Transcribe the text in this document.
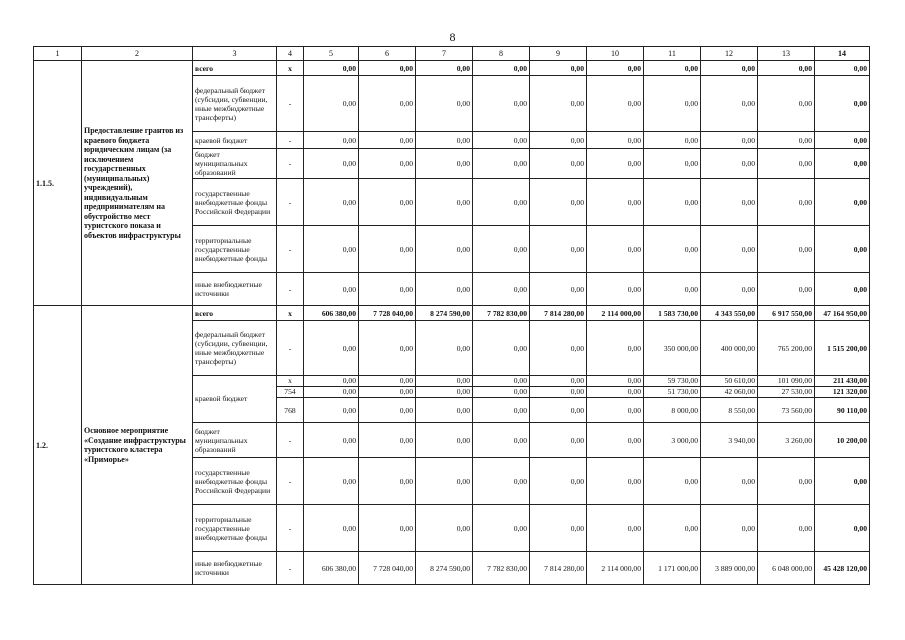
8
1	2	3	4	5	6	7	8	9	10	11	12	13	14
1.1.5.	Предоставление грантов из краевого бюджета юридическим лицам (за исключением государственных (муниципальных) учреждений), индивидуальным предпринимателям на обустройство мест туристского показа и объектов инфраструктуры	всего	x	0,00	0,00	0,00	0,00	0,00	0,00	0,00	0,00	0,00	0,00
		федеральный бюджет (субсидии, субвенции, иные межбюджетные трансферты)	-	0,00	0,00	0,00	0,00	0,00	0,00	0,00	0,00	0,00	0,00
		краевой бюджет	-	0,00	0,00	0,00	0,00	0,00	0,00	0,00	0,00	0,00	0,00
		бюджет муниципальных образований	-	0,00	0,00	0,00	0,00	0,00	0,00	0,00	0,00	0,00	0,00
		государственные внебюджетные фонды Российской Федерации	-	0,00	0,00	0,00	0,00	0,00	0,00	0,00	0,00	0,00	0,00
		территориальные государственные внебюджетные фонды	-	0,00	0,00	0,00	0,00	0,00	0,00	0,00	0,00	0,00	0,00
		иные внебюджетные источники	-	0,00	0,00	0,00	0,00	0,00	0,00	0,00	0,00	0,00	0,00
1.2.	Основное мероприятие «Создание инфраструктуры туристского кластера «Приморье»	всего	x	606 380,00	7 728 040,00	8 274 590,00	7 782 830,00	7 814 280,00	2 114 000,00	1 583 730,00	4 343 550,00	6 917 550,00	47 164 950,00
		федеральный бюджет (субсидии, субвенции, иные межбюджетные трансферты)	-	0,00	0,00	0,00	0,00	0,00	0,00	350 000,00	400 000,00	765 200,00	1 515 200,00
		краевой бюджет	x	0,00	0,00	0,00	0,00	0,00	0,00	59 730,00	50 610,00	101 090,00	211 430,00
			754	0,00	0,00	0,00	0,00	0,00	0,00	51 730,00	42 060,00	27 530,00	121 320,00
			768	0,00	0,00	0,00	0,00	0,00	0,00	8 000,00	8 550,00	73 560,00	90 110,00
		бюджет муниципальных образований	-	0,00	0,00	0,00	0,00	0,00	0,00	3 000,00	3 940,00	3 260,00	10 200,00
		государственные внебюджетные фонды Российской Федерации	-	0,00	0,00	0,00	0,00	0,00	0,00	0,00	0,00	0,00	0,00
		территориальные государственные внебюджетные фонды	-	0,00	0,00	0,00	0,00	0,00	0,00	0,00	0,00	0,00	0,00
		иные внебюджетные источники	-	606 380,00	7 728 040,00	8 274 590,00	7 782 830,00	7 814 280,00	2 114 000,00	1 171 000,00	3 889 000,00	6 048 000,00	45 428 120,00
